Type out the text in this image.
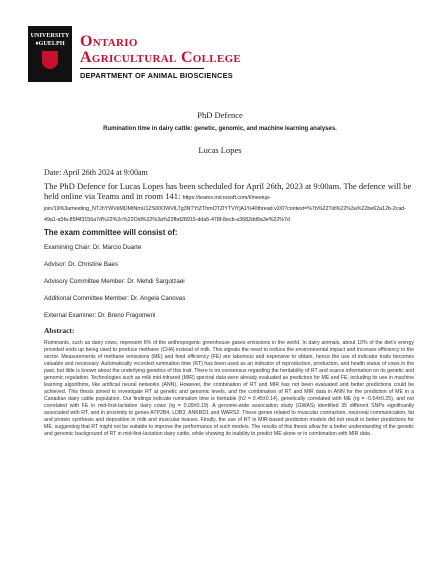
UNIVERSITY ♦GUELPH Ontario
Agricultural College
DEPARTMENT OF ANIMAL BIOSCIENCES
PhD Defence
Rumination time in dairy cattle: genetic, genomic, and machine learning analyses.
Lucas Lopes
Date: April 26th 2024 at 9:00am
The PhD Defence for Lucas Lopes has been scheduled for April 26th, 2023 at 9:00am. The defence will be held online via Teams and in room 141: https://teams.microsoft.com/l/meetup-join/19%3ameeting_NTJhYWVkMDMtNmU1ZS00OWVlLTg3NTYtZThmOTZlYTVlYjA1%40thread.v2/0?context=%7b%22Tid%22%3a%22be62a12b-2cad-49a1-a5fa-85f4f3156a7d%22%2c%22Oid%22%3a%22fbd28915-dda5-478f-8ecb-a3682dd9a3e%22%7d
The exam committee will consist of:
Examining Chair: Dr. Marcio Duarte
Advisor: Dr. Christine Baes
Advisory Committee Member: Dr. Mehdi Sargolzaei
Additional Committee Member: Dr. Angela Canovas
External Examiner: Dr. Breno Fragomeni
Abstract:
Ruminants, such as dairy cows, represent 6% of the anthropogenic greenhouse gases emissions in the world. In dairy animals, about 10% of the diet’s energy provided ends up being used to produce methane (CH4) instead of milk. This signals the need to reduce the environmental impact and increase efficiency in the sector. Measurements of methane emissions (ME) and feed efficiency (FE) are laborious and expensive to obtain, hence the use of indicator traits becomes valuable and necessary. Automatically recorded rumination time (RT) has been used as an indicator of reproduction, production, and health status of cows in the past, but little is known about the underlying genetics of this trait. There is no consensus regarding the heritability of RT and scarce information on its genetic and genomic regulation. Technologies such as milk mid-infrared (MIR) spectral data were already evaluated as predictors for ME and FE, including its use in machine learning algorithms, like artificial neural networks (ANN). However, the combination of RT and MIR has not been evaluated and better predictions could be achieved. This thesis aimed to investigate RT at genetic and genomic levels, and the combination of RT and MIR data in ANN for the prediction of ME in a Canadian dairy cattle population. Our findings indicate rumination time is heritable (h2 = 0.45±0.14), genetically correlated with ME (rg = -0.54±0.25), and not correlated with FE in mid-first-lactation dairy cows (rg = 0.09±0.19). A genome-wide association study (GWAS) identified 35 different SNPs significantly associated with RT, and in proximity to genes ATP2B4, LDB3, ANKRD1 and WARS2. These genes related to muscular contraction, neuronal communication, fat and protein synthesis and deposition in milk and muscular tissues. Finally, the use of RT in MIR-based prediction models did not result in better predictions for ME, suggesting that RT might not be suitable to improve the performance of such models. The results of this thesis allow for a better understanding of the genetic and genomic background of RT in mid-first-lactation dairy cattle, while showing its inability to predict ME alone or in combination with MIR data .
